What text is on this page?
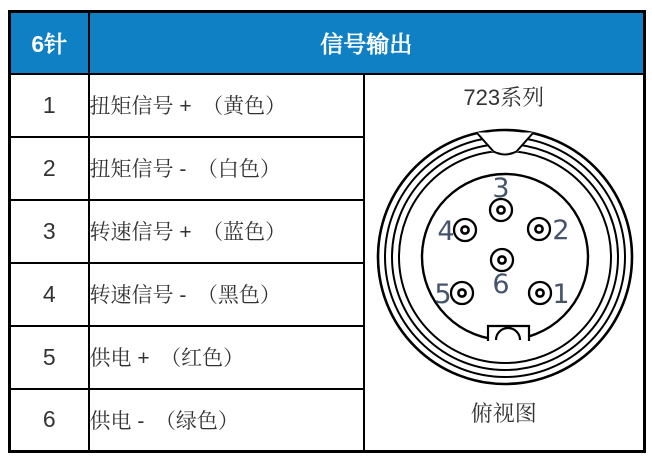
6针	信号输出	
1	扭矩信号 +　（黄色）	723系列
1
2
3
4
5 6
俯视图

2	扭矩信号 -　（白色）	
3	转速信号 +　（蓝色）	
4	转速信号 -　（黑色）	
5	供电 +　（红色）	
6	供电 -　（绿色）	
